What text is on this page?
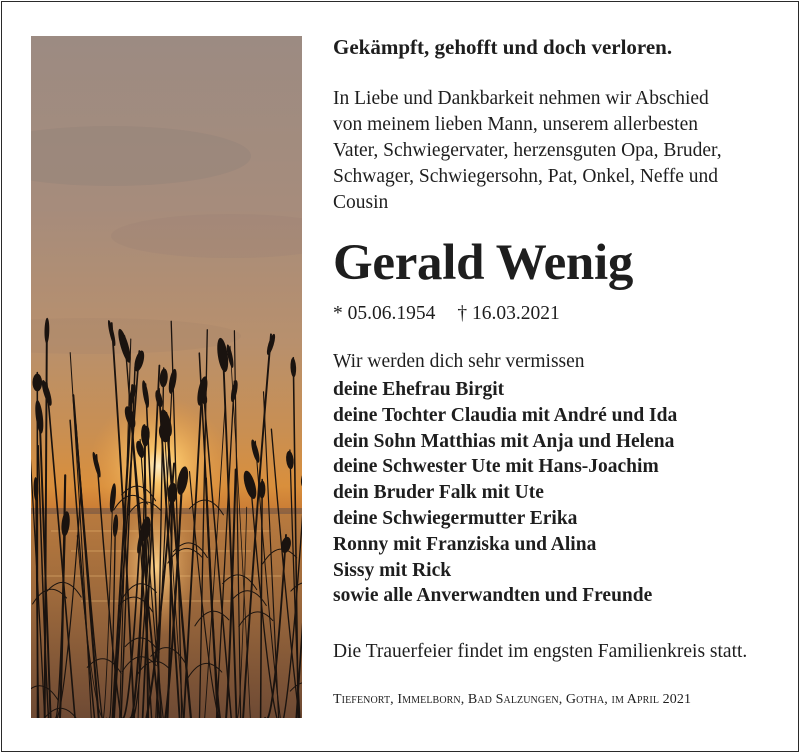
Gekämpft, gehofft und doch verloren.
In Liebe und Dankbarkeit nehmen wir Abschied
von meinem lieben Mann, unserem allerbesten
Vater, Schwiegervater, herzensguten Opa, Bruder,
Schwager, Schwiegersohn, Pat, Onkel, Neffe und
Cousin
Gerald Wenig
* 05.06.1954 † 16.03.2021
Wir werden dich sehr vermissen
deine Ehefrau Birgit
deine Tochter Claudia mit André und Ida
dein Sohn Matthias mit Anja und Helena
deine Schwester Ute mit Hans-Joachim
dein Bruder Falk mit Ute
deine Schwiegermutter Erika
Ronny mit Franziska und Alina
Sissy mit Rick
sowie alle Anverwandten und Freunde
Die Trauerfeier findet im engsten Familienkreis statt.
Tiefenort, Immelborn, Bad Salzungen, Gotha, im April 2021
